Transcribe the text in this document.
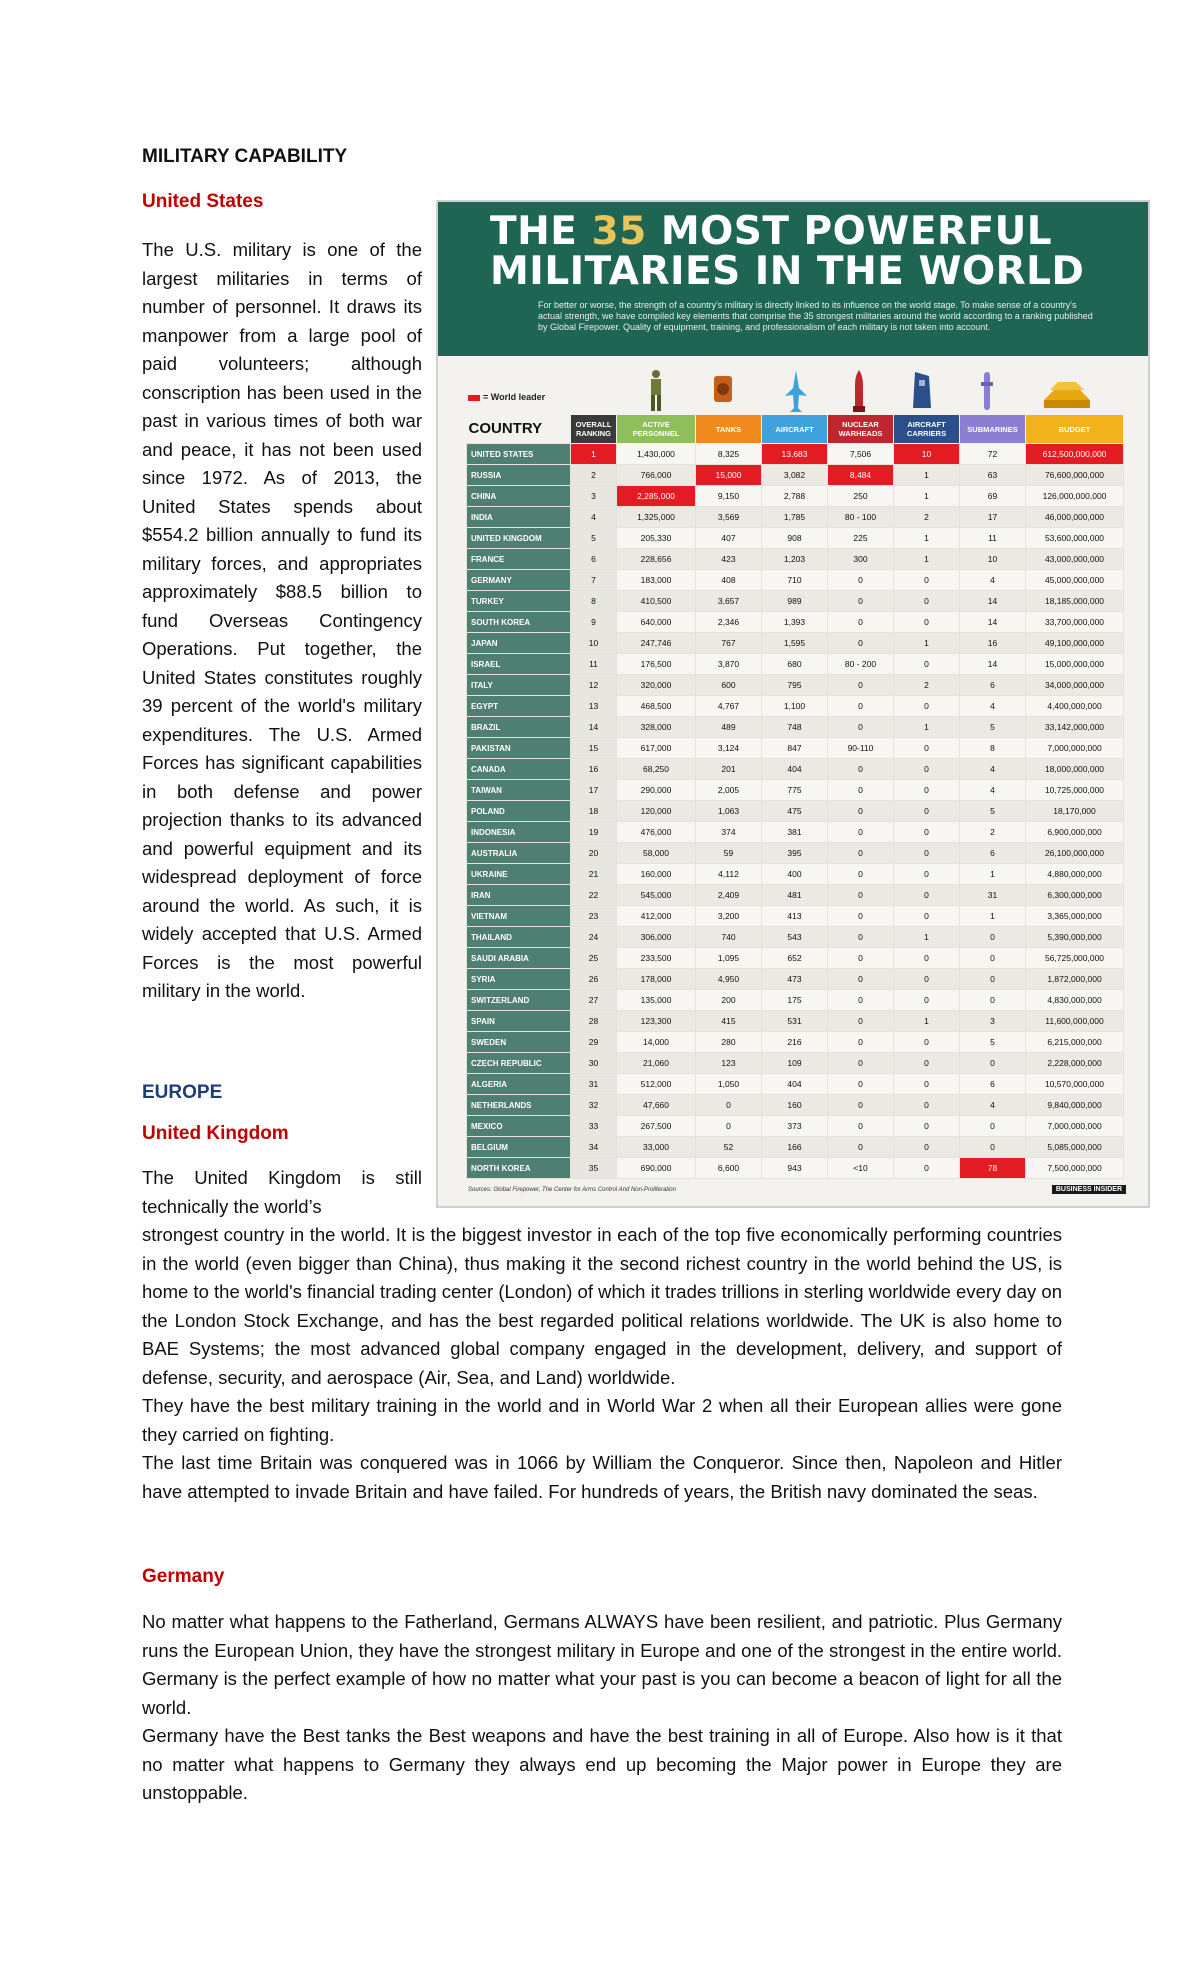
MILITARY CAPABILITY
United States
The U.S. military is one of the largest militaries in terms of number of personnel. It draws its manpower from a large pool of paid volunteers; although conscription has been used in the past in various times of both war and peace, it has not been used since 1972. As of 2013, the United States spends about $554.2 billion annually to fund its military forces, and appropriates approximately $88.5 billion to fund Overseas Contingency Operations. Put together, the United States constitutes roughly 39 percent of the world's military expenditures. The U.S. Armed Forces has significant capabilities in both defense and power projection thanks to its advanced and powerful equipment and its widespread deployment of force around the world. As such, it is widely accepted that U.S. Armed Forces is the most powerful military in the world.
EUROPE
United Kingdom
The United Kingdom is still technically the world’s

strongest country in the world. It is the biggest investor in each of the top five economically performing countries in the world (even bigger than China), thus making it the second richest country in the world behind the US, is home to the world's financial trading center (London) of which it trades trillions in sterling worldwide every day on the London Stock Exchange, and has the best regarded political relations worldwide. The UK is also home to BAE Systems; the most advanced global company engaged in the development, delivery, and support of defense, security, and aerospace (Air, Sea, and Land) worldwide.

They have the best military training in the world and in World War 2 when all their European allies were gone they carried on fighting.

The last time Britain was conquered was in 1066 by William the Conqueror. Since then, Napoleon and Hitler have attempted to invade Britain and have failed. For hundreds of years, the British navy dominated the seas.

Germany

No matter what happens to the Fatherland, Germans ALWAYS have been resilient, and patriotic. Plus Germany runs the European Union, they have the strongest military in Europe and one of the strongest in the entire world. Germany is the perfect example of how no matter what your past is you can become a beacon of light for all the world.

Germany have the Best tanks the Best weapons and have the best training in all of Europe. Also how is it that no matter what happens to Germany they always end up becoming the Major power in Europe they are unstoppable.

THE 35 MOST POWERFUL MILITARIES IN THE WORLD
For better or worse, the strength of a country's military is directly linked to its influence on the world stage. To make sense of a country's actual strength, we have compiled key elements that comprise the 35 strongest militaries around the world according to a ranking published by Global Firepower. Quality of equipment, training, and professionalism of each military is not taken into account.
= World leader
COUNTRY	OVERALL RANKING	ACTIVE PERSONNEL	TANKS	AIRCRAFT	NUCLEAR WARHEADS	AIRCRAFT CARRIERS	SUBMARINES	BUDGET
UNITED STATES	1	1,430,000	8,325	13,683	7,506	10	72	612,500,000,000
RUSSIA	2	766,000	15,000	3,082	8,484	1	63	76,600,000,000
CHINA	3	2,285,000	9,150	2,788	250	1	69	126,000,000,000
INDIA	4	1,325,000	3,569	1,785	80 - 100	2	17	46,000,000,000
UNITED KINGDOM	5	205,330	407	908	225	1	11	53,600,000,000
FRANCE	6	228,656	423	1,203	300	1	10	43,000,000,000
GERMANY	7	183,000	408	710	0	0	4	45,000,000,000
TURKEY	8	410,500	3,657	989	0	0	14	18,185,000,000
SOUTH KOREA	9	640,000	2,346	1,393	0	0	14	33,700,000,000
JAPAN	10	247,746	767	1,595	0	1	16	49,100,000,000
ISRAEL	11	176,500	3,870	680	80 - 200	0	14	15,000,000,000
ITALY	12	320,000	600	795	0	2	6	34,000,000,000
EGYPT	13	468,500	4,767	1,100	0	0	4	4,400,000,000
BRAZIL	14	328,000	489	748	0	1	5	33,142,000,000
PAKISTAN	15	617,000	3,124	847	90-110	0	8	7,000,000,000
CANADA	16	68,250	201	404	0	0	4	18,000,000,000
TAIWAN	17	290,000	2,005	775	0	0	4	10,725,000,000
POLAND	18	120,000	1,063	475	0	0	5	18,170,000
INDONESIA	19	476,000	374	381	0	0	2	6,900,000,000
AUSTRALIA	20	58,000	59	395	0	0	6	26,100,000,000
UKRAINE	21	160,000	4,112	400	0	0	1	4,880,000,000
IRAN	22	545,000	2,409	481	0	0	31	6,300,000,000
VIETNAM	23	412,000	3,200	413	0	0	1	3,365,000,000
THAILAND	24	306,000	740	543	0	1	0	5,390,000,000
SAUDI ARABIA	25	233,500	1,095	652	0	0	0	56,725,000,000
SYRIA	26	178,000	4,950	473	0	0	0	1,872,000,000
SWITZERLAND	27	135,000	200	175	0	0	0	4,830,000,000
SPAIN	28	123,300	415	531	0	1	3	11,600,000,000
SWEDEN	29	14,000	280	216	0	0	5	6,215,000,000
CZECH REPUBLIC	30	21,060	123	109	0	0	0	2,228,000,000
ALGERIA	31	512,000	1,050	404	0	0	6	10,570,000,000
NETHERLANDS	32	47,660	0	160	0	0	4	9,840,000,000
MEXICO	33	267,500	0	373	0	0	0	7,000,000,000
BELGIUM	34	33,000	52	166	0	0	0	5,085,000,000
NORTH KOREA	35	690,000	6,600	943	<10	0	78	7,500,000,000
Sources: Global Firepower, The Center for Arms Control And Non-Proliferation	BUSINESS INSIDER
